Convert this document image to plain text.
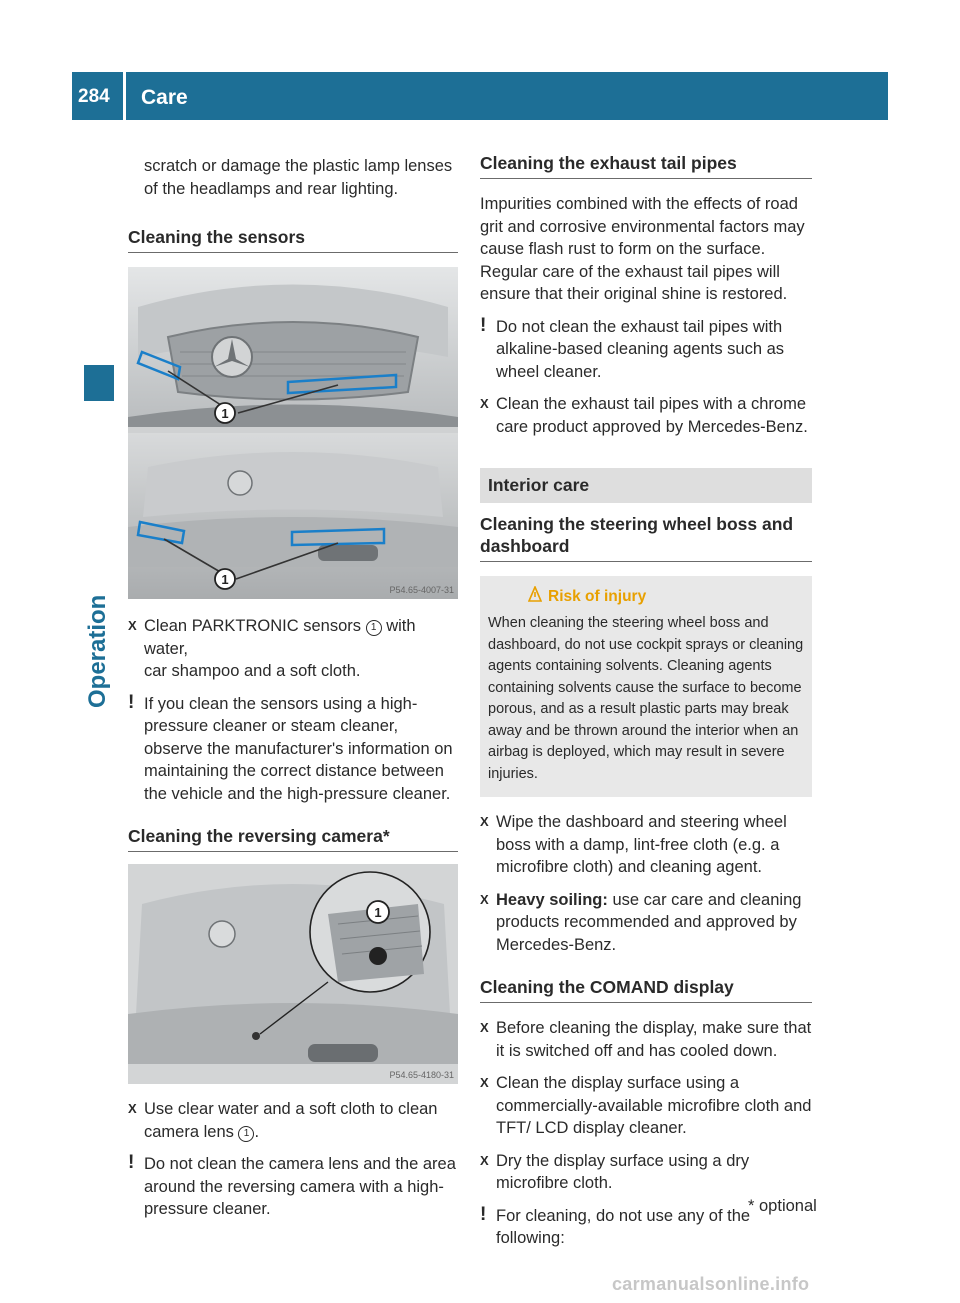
284 Care
Operation

scratch or damage the plastic lamp lenses

of the headlamps and rear lighting.

Cleaning the sensors
1
1
P54.65-4007-31
X Clean PARKTRONIC sensors 1 with water,
car shampoo and a soft cloth.
! If you clean the sensors using a high-pressure cleaner or steam cleaner, observe the manufacturer's information on maintaining the correct distance between the vehicle and the high-pressure cleaner.
Cleaning the reversing camera*
1
P54.65-4180-31
X Use clear water and a soft cloth to clean camera lens 1 .
! Do not clean the camera lens and the area around the reversing camera with a high-pressure cleaner.
Cleaning the exhaust tail pipes

Impurities combined with the effects of road grit and corrosive environmental factors may cause flash rust to form on the surface. Regular care of the exhaust tail pipes will ensure that their original shine is restored.

! Do not clean the exhaust tail pipes with alkaline-based cleaning agents such as wheel cleaner.
X Clean the exhaust tail pipes with a chrome care product approved by Mercedes-Benz.
Interior care
Cleaning the steering wheel boss and dashboard
Risk of injury
When cleaning the steering wheel boss and dashboard, do not use cockpit sprays or cleaning agents containing solvents. Cleaning agents containing solvents cause the surface to become porous, and as a result plastic parts may break away and be thrown around the interior when an airbag is deployed, which may result in severe injuries.
X Wipe the dashboard and steering wheel boss with a damp, lint-free cloth (e.g. a microfibre cloth) and cleaning agent.
X Heavy soiling: use car care and cleaning products recommended and approved by Mercedes-Benz.
Cleaning the COMAND display
X Before cleaning the display, make sure that it is switched off and has cooled down.
X Clean the display surface using a commercially-available microfibre cloth and TFT/ LCD display cleaner.
X Dry the display surface using a dry microfibre cloth.
! For cleaning, do not use any of the following:
* optional
carmanualsonline.info
